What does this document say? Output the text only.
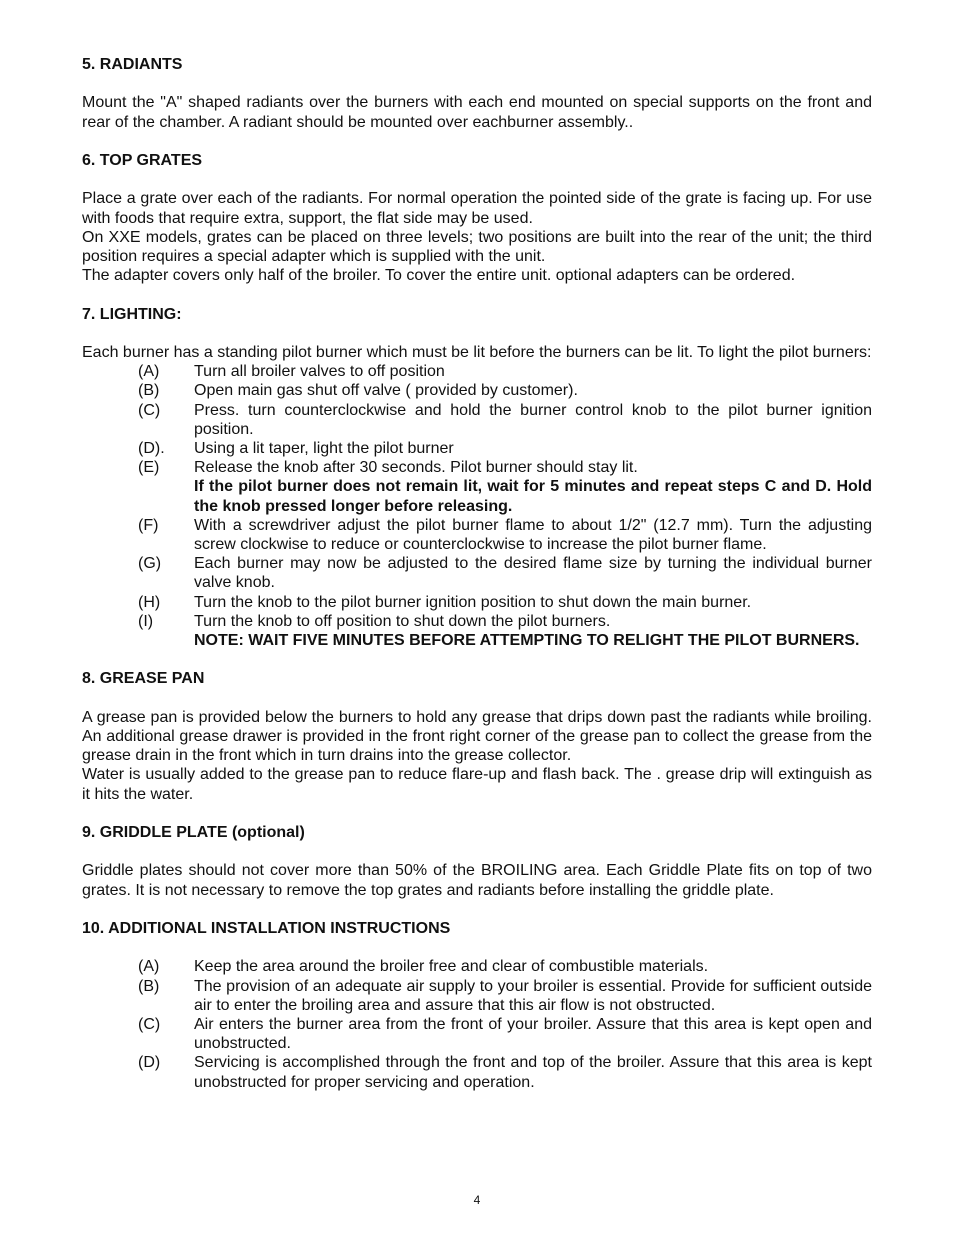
5. RADIANTS

Mount the "A" shaped radiants over the burners with each end mounted on special supports on the front and rear of the chamber. A radiant should be mounted over eachburner assembly..

6. TOP GRATES

Place a grate over each of the radiants. For normal operation the pointed side of the grate is facing up. For use with foods that require extra, support, the flat side may be used.

On XXE models, grates can be placed on three levels; two positions are built into the rear of the unit; the third position requires a special adapter which is supplied with the unit.

The adapter covers only half of the broiler. To cover the entire unit. optional adapters can be ordered.

7. LIGHTING:

Each burner has a standing pilot burner which must be lit before the burners can be lit. To light the pilot burners:

(A)	Turn all broiler valves to off position
(B)	Open main gas shut off valve ( provided by customer).
(C)	Press. turn counterclockwise and hold the burner control knob to the pilot burner ignition position.
(D).	Using a lit taper, light the pilot burner
(E)	Release the knob after 30 seconds. Pilot burner should stay lit.
If the pilot burner does not remain lit, wait for 5 minutes and repeat steps C and D. Hold the knob pressed longer before releasing.
(F)	With a screwdriver adjust the pilot burner flame to about 1/2" (12.7 mm). Turn the adjusting screw clockwise to reduce or counterclockwise to increase the pilot burner flame.
(G)	Each burner may now be adjusted to the desired flame size by turning the individual burner valve knob.
(H)	Turn the knob to the pilot burner ignition position to shut down the main burner.
(I)	Turn the knob to off position to shut down the pilot burners.
NOTE: WAIT FIVE MINUTES BEFORE ATTEMPTING TO RELIGHT THE PILOT BURNERS.

8. GREASE PAN

A grease pan is provided below the burners to hold any grease that drips down past the radiants while broiling. An additional grease drawer is provided in the front right corner of the grease pan to collect the grease from the grease drain in the front which in turn drains into the grease collector.

Water is usually added to the grease pan to reduce flare-up and flash back. The . grease drip will extinguish as it hits the water.

9. GRIDDLE PLATE (optional)

Griddle plates should not cover more than 50% of the BROILING area. Each Griddle Plate fits on top of two grates. It is not necessary to remove the top grates and radiants before installing the griddle plate.

10. ADDITIONAL INSTALLATION INSTRUCTIONS

(A)	Keep the area around the broiler free and clear of combustible materials.
(B)	The provision of an adequate air supply to your broiler is essential. Provide for sufficient outside air to enter the broiling area and assure that this air flow is not obstructed.
(C)	Air enters the burner area from the front of your broiler. Assure that this area is kept open and unobstructed.
(D)	Servicing is accomplished through the front and top of the broiler. Assure that this area is kept unobstructed for proper servicing and operation.
4
